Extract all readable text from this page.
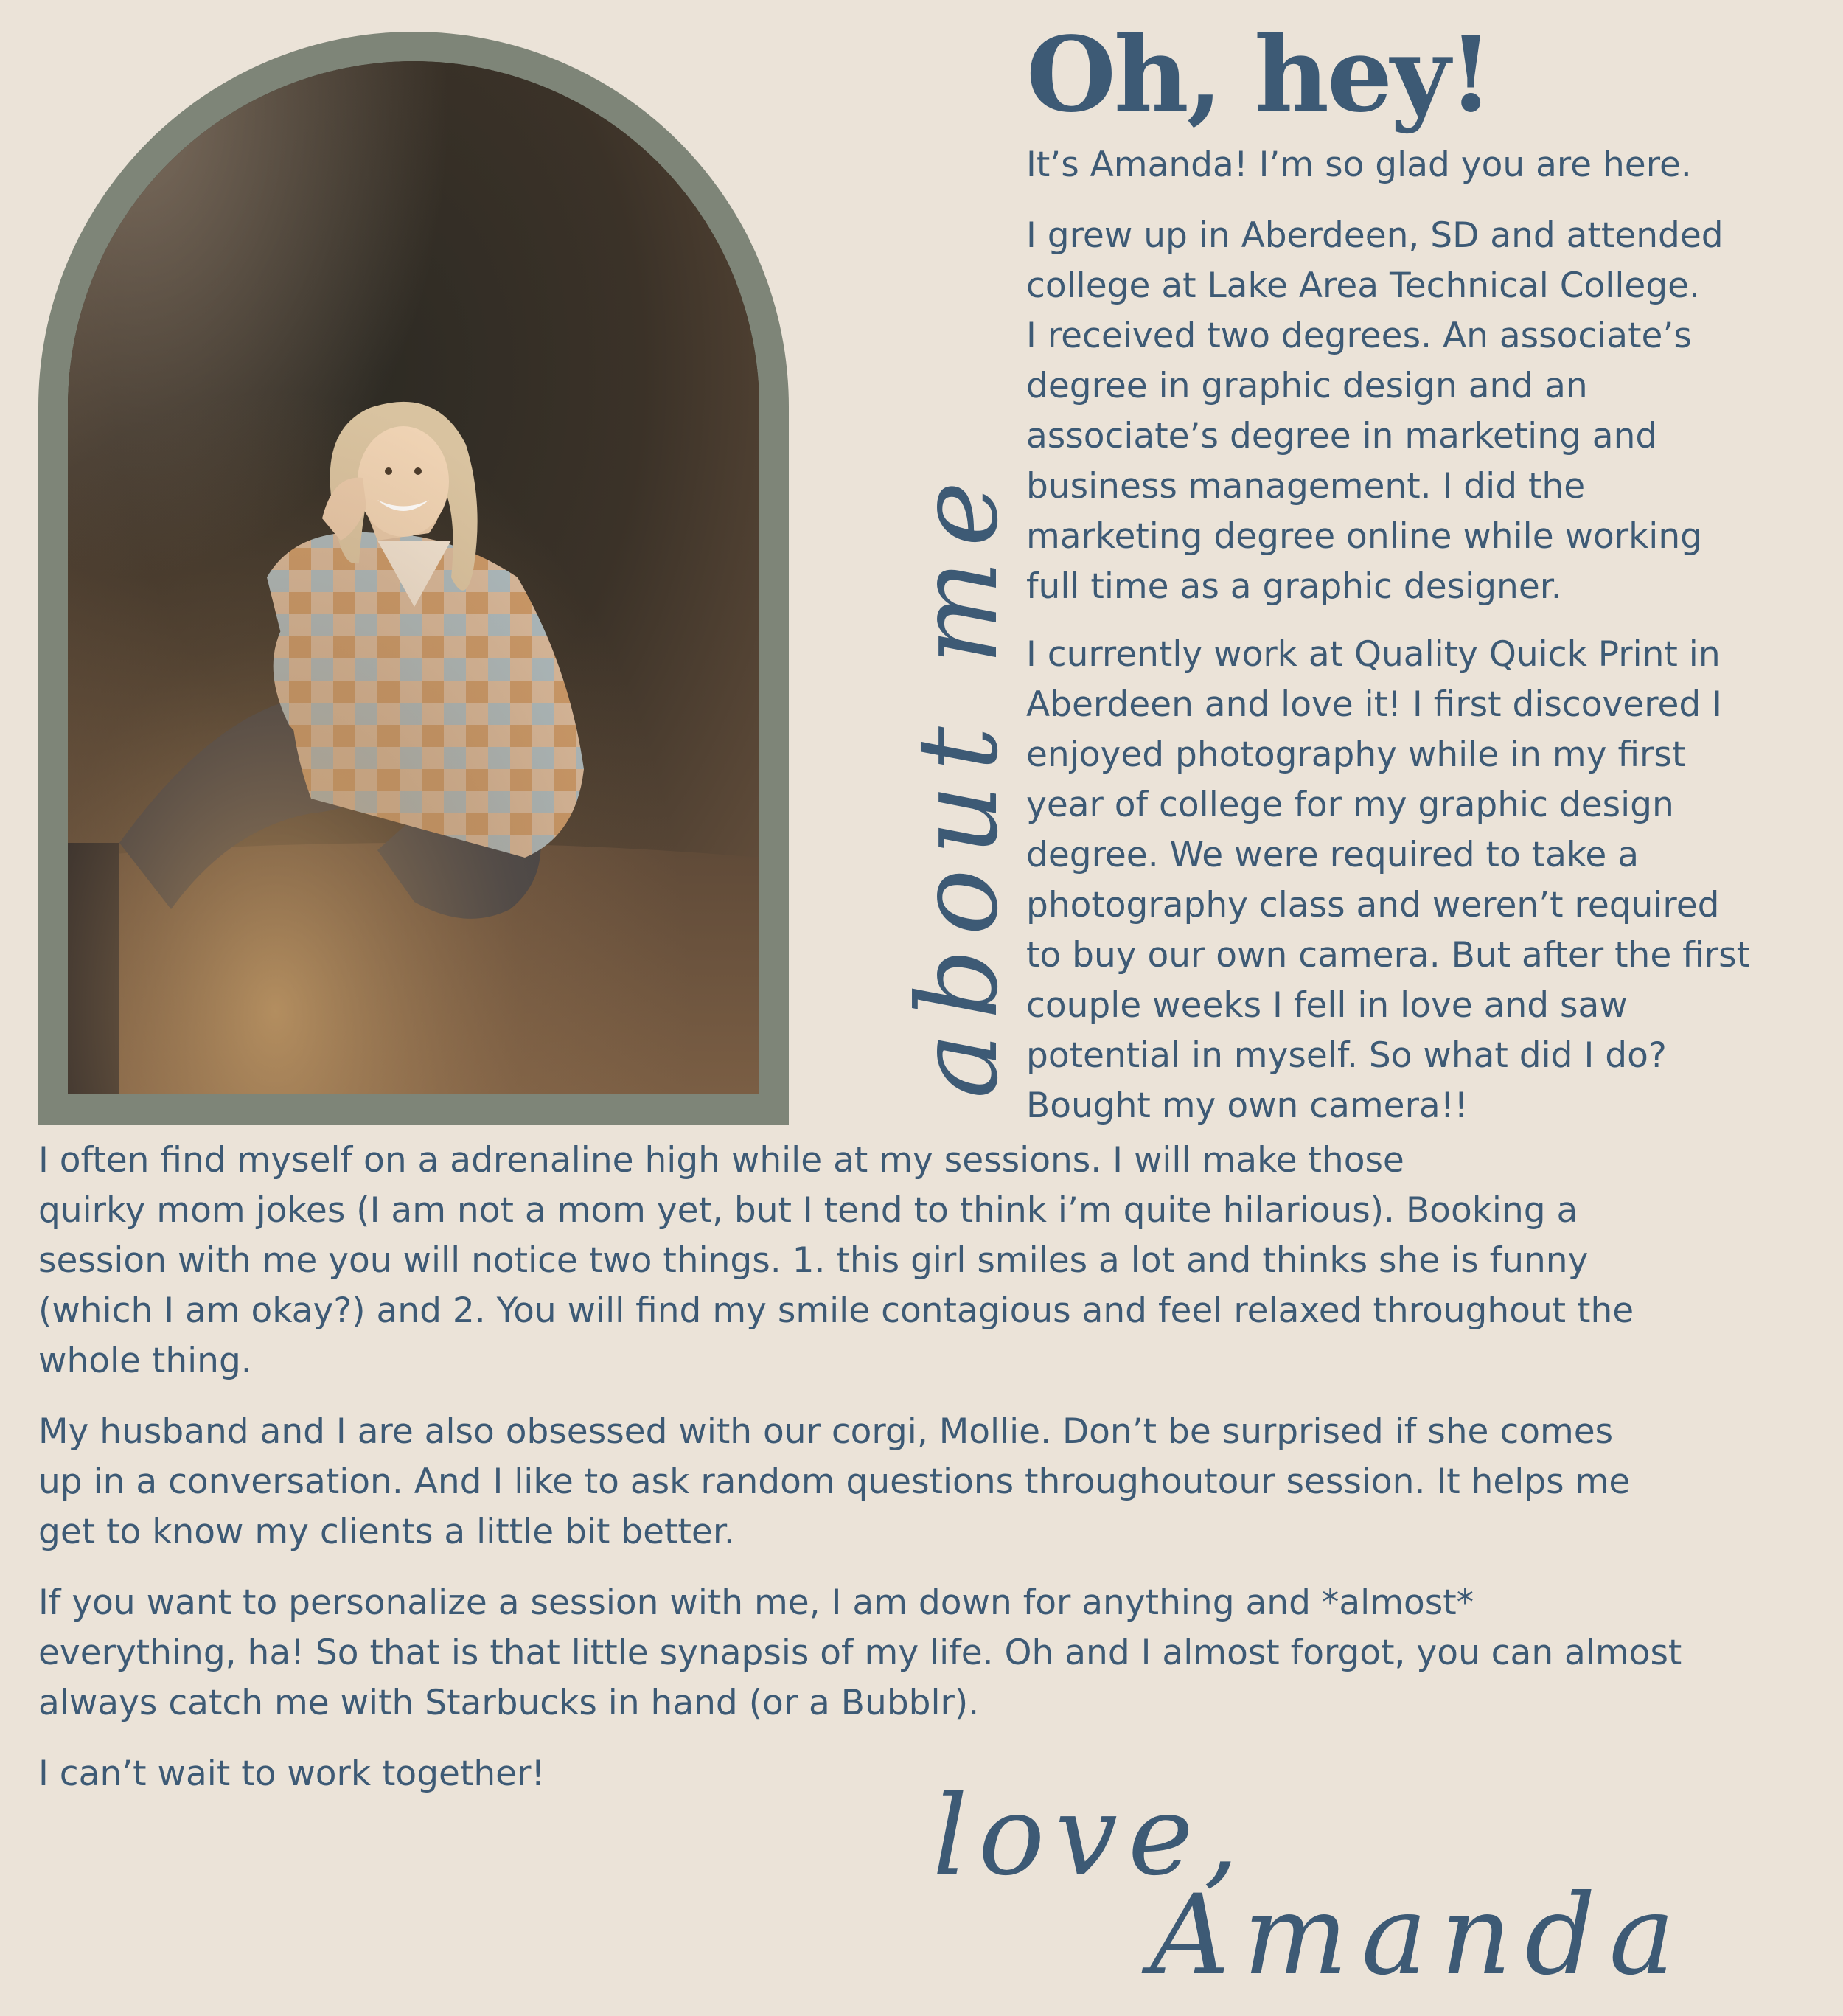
about me
Oh, hey!
It’s Amanda! I’m so glad you are here.
I grew up in Aberdeen, SD and attended
college at Lake Area Technical College.
I received two degrees. An associate’s
degree in graphic design and an
associate’s degree in marketing and
business management. I did the
marketing degree online while working
full time as a graphic designer.
I currently work at Quality Quick Print in
Aberdeen and love it! I first discovered I
enjoyed photography while in my first
year of college for my graphic design
degree. We were required to take a
photography class and weren’t required
to buy our own camera. But after the first
couple weeks I fell in love and saw
potential in myself. So what did I do?
Bought my own camera!!
I often find myself on a adrenaline high while at my sessions. I will make those
quirky mom jokes (I am not a mom yet, but I tend to think i’m quite hilarious). Booking a
session with me you will notice two things. 1. this girl smiles a lot and thinks she is funny
(which I am okay?) and 2. You will find my smile contagious and feel relaxed throughout the
whole thing.
My husband and I are also obsessed with our corgi, Mollie. Don’t be surprised if she comes
up in a conversation. And I like to ask random questions throughoutour session. It helps me
get to know my clients a little bit better.
If you want to personalize a session with me, I am down for anything and *almost*
everything, ha! So that is that little synapsis of my life. Oh and I almost forgot, you can almost
always catch me with Starbucks in hand (or a Bubblr).
I can’t wait to work together!	love,
Amanda
